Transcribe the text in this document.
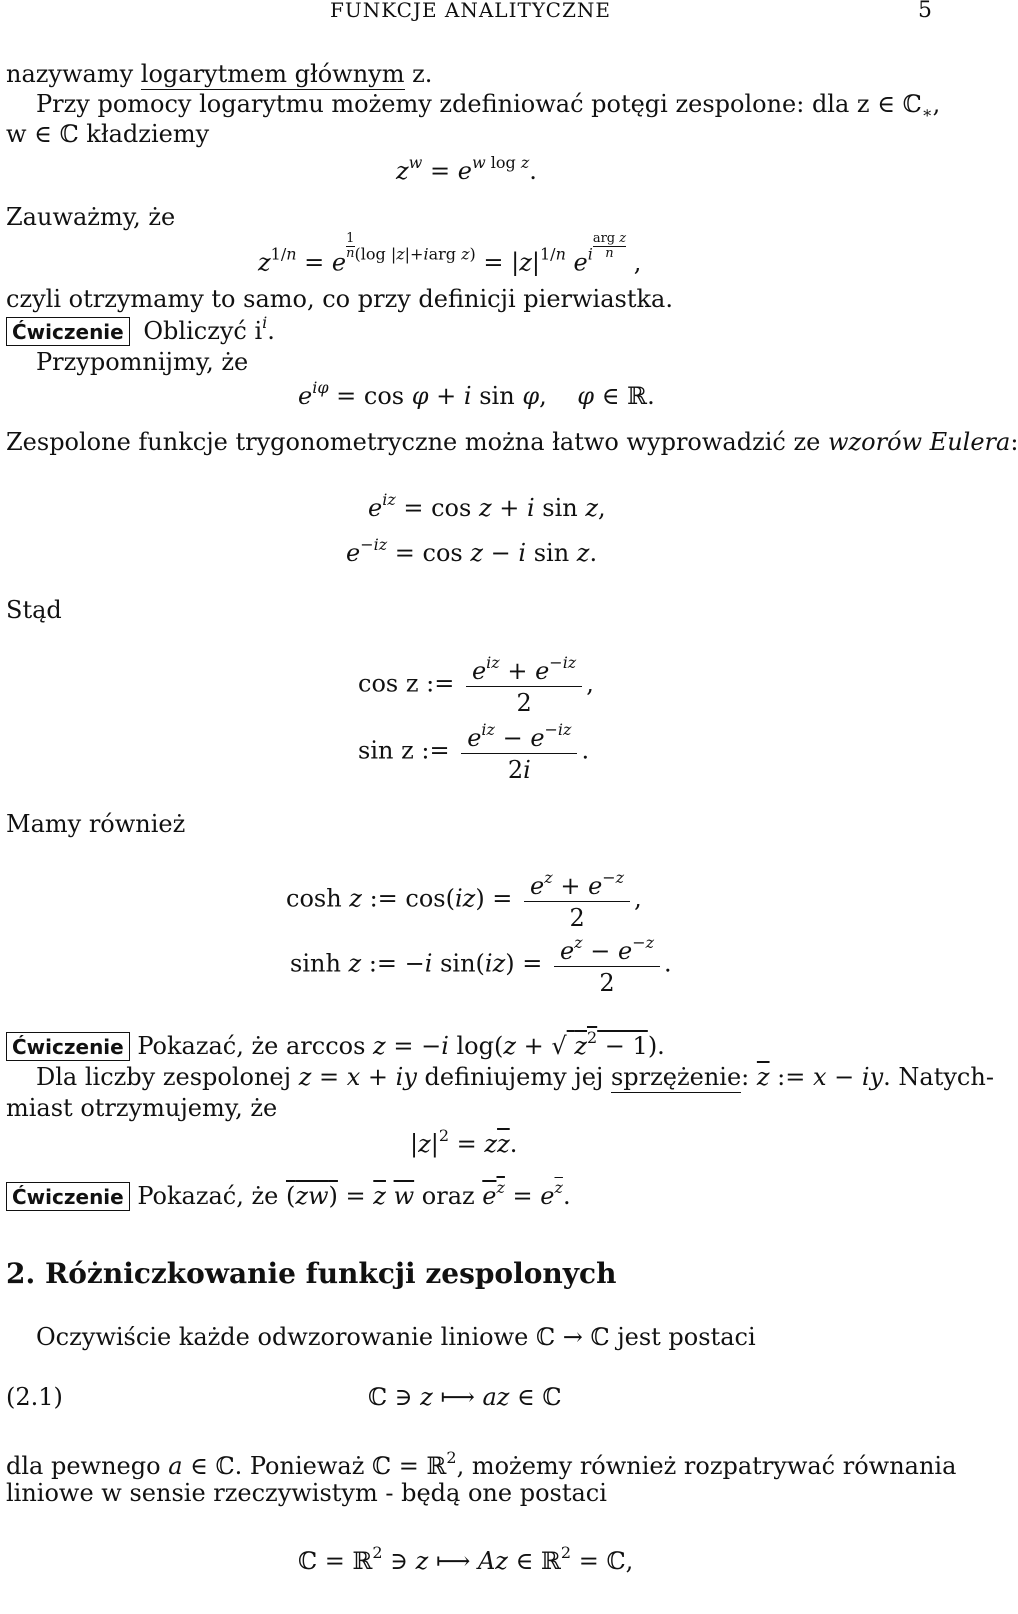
FUNKCJE ANALITYCZNE	5
nazywamy logarytmem głównym z.
Przy pomocy logarytmu możemy zdefiniować potęgi zespolone: dla z ∈ ℂ$_∗$,
w ∈ ℂ kładziemy
$z^w = e^w$ $^{log}$ $^z$.
Zauważmy, że
$z^{1/n} = e$
$\frac{1}{n} ^{(log |z|+iarg z)} = |z|^{1/n}$ $e^i$
arg z
n ,
czyli otrzymamy to samo, co przy definicji pierwiastka.
Ćwiczenie Obliczyć $i^i$.
Przypomnijmy, że
$e^{i\varphi} = \cos \varphi + i$ sin φ,    φ ∈ ℝ.
Zespolone funkcje trygonometryczne można łatwo wyprowadzić ze wzorów Eulera:
$e^{iz} = \cos z + i$ sin z,
$e^{-iz} = \cos z - i$ sin z.
Stąd
cos z := $\frac{e^{iz} + e^{-iz}}{2}$ ,
sin z := $\frac{e^{iz} - e^{-iz}}{2i}$ .
Mamy również
cosh z := $\cos(iz) = \frac{e^z + e^{-z}}{2}$ ,
sinh z := −i $\sin(iz) = \frac{e^z - e^{-z}}{2}$ .
Ćwiczenie Pokazać, że arccos z = −i log(z + √ $z^2 - 1$).
Dla liczby zespolonej z = x + iy definiujemy jej sprzężenie: $\overline{z}$ := x − iy. Natych-
miast otrzymujemy, że
$|z|^2 = z\overline{z}$.
Ćwiczenie Pokazać, że $(zw) = \overline{z}$ $\overline{w}$ oraz $e^z = e^{\overline{z}}$.
2. Różniczkowanie funkcji zespolonych
Oczywiście każde odwzorowanie liniowe ℂ → ℂ jest postaci
(2.1)	ℂ ∋ z ⟼ az ∈ ℂ
dla pewnego a ∈ ℂ. Ponieważ ℂ = ℝ$^2$, możemy również rozpatrywać równania
liniowe w sensie rzeczywistym - będą one postaci
ℂ = ℝ$^2$ ∋ z ⟼ Az ∈ ℝ$^2$ = ℂ,
